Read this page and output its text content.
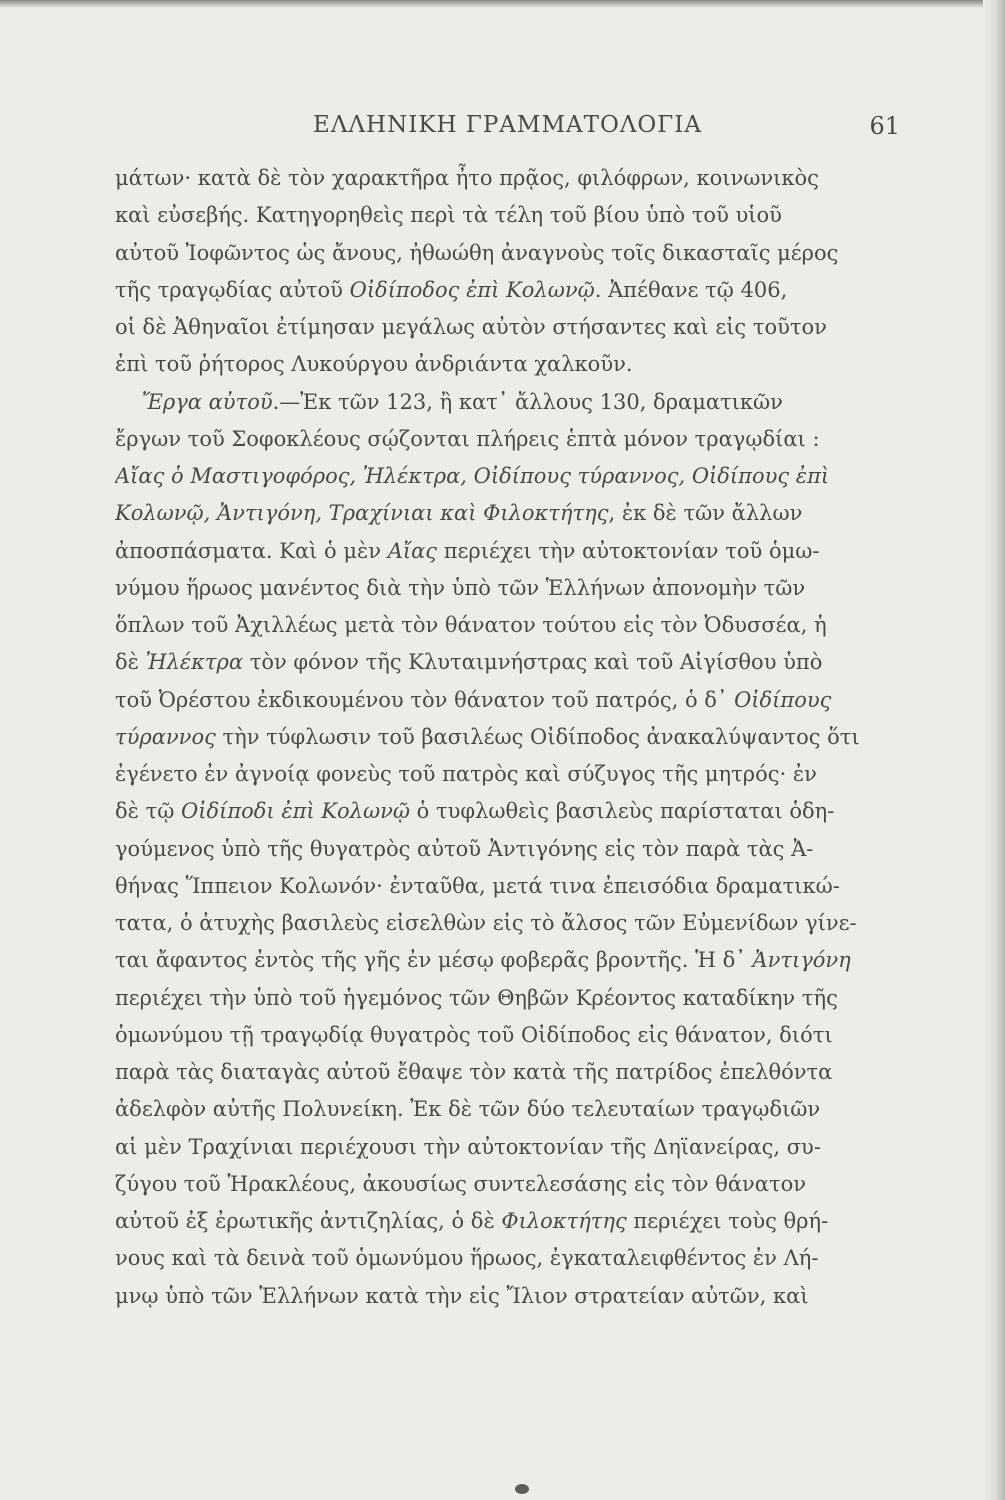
ΕΛΛΗΝΙΚΗ ΓΡΑΜΜΑΤΟΛΟΓΙΑ	61
μάτων· κατὰ δὲ τὸν χαρακτῆρα ἦτο πρᾷος, φιλόφρων, κοινωνικὸς
καὶ εὐσεβής. Κατηγορηθεὶς περὶ τὰ τέλη τοῦ βίου ὑπὸ τοῦ υἱοῦ
αὐτοῦ Ἰοφῶντος ὡς ἄνους, ἠθωώθη ἀναγνοὺς τοῖς δικασταῖς μέρος
τῆς τραγῳδίας αὐτοῦ Οἰδίποδος ἐπὶ Κολωνῷ. Ἀπέθανε τῷ 406,
οἱ δὲ Ἀθηναῖοι ἐτίμησαν μεγάλως αὐτὸν στήσαντες καὶ εἰς τοῦτον
ἐπὶ τοῦ ῥήτορος Λυκούργου ἀνδριάντα χαλκοῦν.
Ἔργα αὐτοῦ.—Ἐκ τῶν 123, ἢ κατ᾿ ἄλλους 130, δραματικῶν
ἔργων τοῦ Σοφοκλέους σῴζονται πλήρεις ἑπτὰ μόνον τραγῳδίαι :
Αἴας ὁ Μαστιγοφόρος, Ἠλέκτρα, Οἰδίπους τύραννος, Οἰδίπους ἐπὶ
Κολωνῷ, Ἀντιγόνη, Τραχίνιαι καὶ Φιλοκτήτης, ἐκ δὲ τῶν ἄλλων
ἀποσπάσματα. Καὶ ὁ μὲν Αἴας περιέχει τὴν αὐτοκτονίαν τοῦ ὁμω-
νύμου ἥρωος μανέντος διὰ τὴν ὑπὸ τῶν Ἑλλήνων ἀπονομὴν τῶν
ὅπλων τοῦ Ἀχιλλέως μετὰ τὸν θάνατον τούτου εἰς τὸν Ὀδυσσέα, ἡ
δὲ Ἠλέκτρα τὸν φόνον τῆς Κλυταιμνήστρας καὶ τοῦ Αἰγίσθου ὑπὸ
τοῦ Ὀρέστου ἐκδικουμένου τὸν θάνατον τοῦ πατρός, ὁ δ᾿ Οἰδίπους
τύραννος τὴν τύφλωσιν τοῦ βασιλέως Οἰδίποδος ἀνακαλύψαντος ὅτι
ἐγένετο ἐν ἀγνοίᾳ φονεὺς τοῦ πατρὸς καὶ σύζυγος τῆς μητρός· ἐν
δὲ τῷ Οἰδίποδι ἐπὶ Κολωνῷ ὁ τυφλωθεὶς βασιλεὺς παρίσταται ὁδη-
γούμενος ὑπὸ τῆς θυγατρὸς αὐτοῦ Ἀντιγόνης εἰς τὸν παρὰ τὰς Ἀ-
θήνας Ἵππειον Κολωνόν· ἐνταῦθα, μετά τινα ἐπεισόδια δραματικώ-
τατα, ὁ ἀτυχὴς βασιλεὺς εἰσελθὼν εἰς τὸ ἄλσος τῶν Εὐμενίδων γίνε-
ται ἄφαντος ἐντὸς τῆς γῆς ἐν μέσῳ φοβερᾶς βροντῆς. Ἡ δ᾿ Ἀντιγόνη
περιέχει τὴν ὑπὸ τοῦ ἡγεμόνος τῶν Θηβῶν Κρέοντος καταδίκην τῆς
ὁμωνύμου τῇ τραγῳδίᾳ θυγατρὸς τοῦ Οἰδίποδος εἰς θάνατον, διότι
παρὰ τὰς διαταγὰς αὐτοῦ ἔθαψε τὸν κατὰ τῆς πατρίδος ἐπελθόντα
ἀδελφὸν αὐτῆς Πολυνείκη. Ἐκ δὲ τῶν δύο τελευταίων τραγῳδιῶν
αἱ μὲν Τραχίνιαι περιέχουσι τὴν αὐτοκτονίαν τῆς Δηϊανείρας, συ-
ζύγου τοῦ Ἡρακλέους, ἀκουσίως συντελεσάσης εἰς τὸν θάνατον
αὐτοῦ ἐξ ἐρωτικῆς ἀντιζηλίας, ὁ δὲ Φιλοκτήτης περιέχει τοὺς θρή-
νους καὶ τὰ δεινὰ τοῦ ὁμωνύμου ἥρωος, ἐγκαταλειφθέντος ἐν Λή-
μνῳ ὑπὸ τῶν Ἑλλήνων κατὰ τὴν εἰς Ἴλιον στρατείαν αὐτῶν, καὶ
